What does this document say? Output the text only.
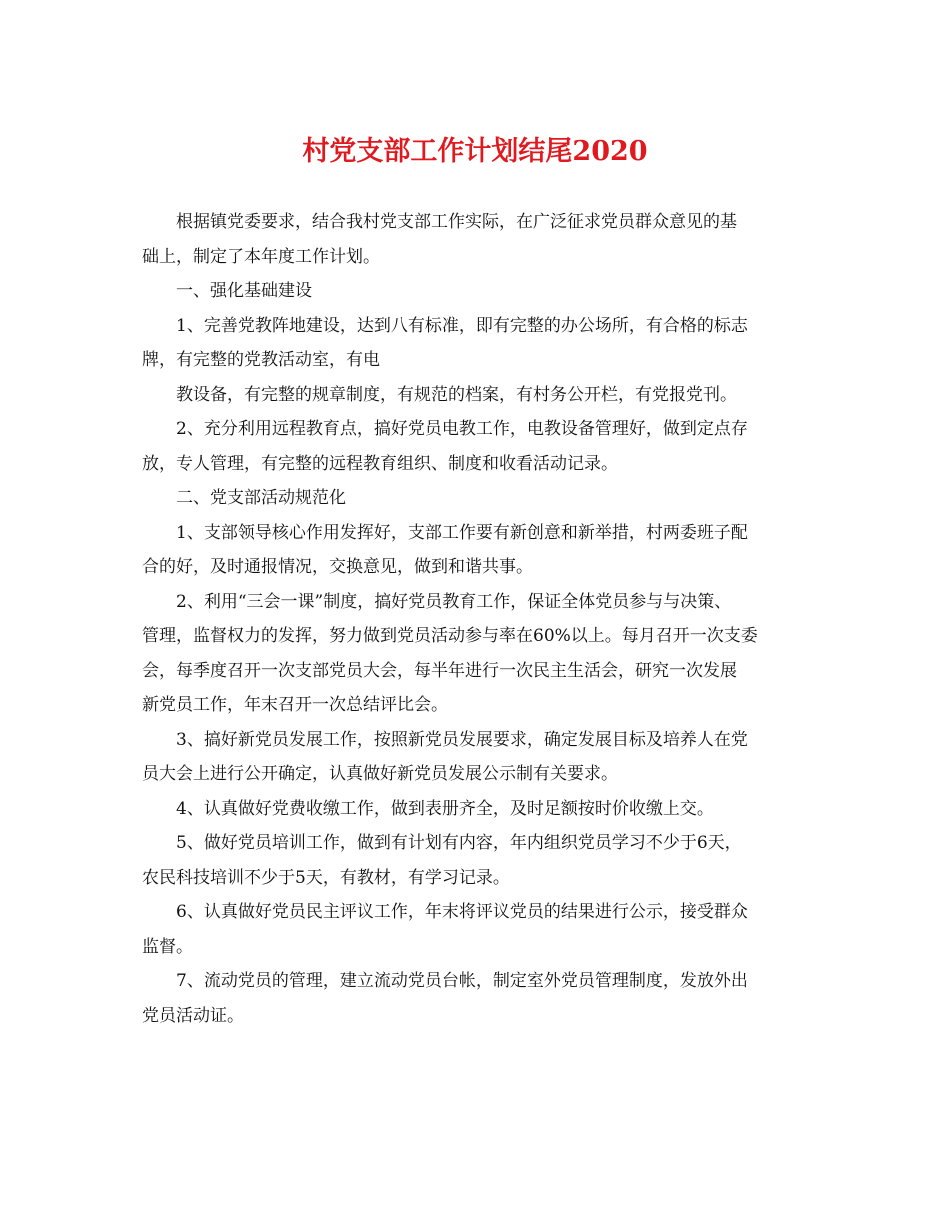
村党支部工作计划结尾2020

根据镇党委要求，结合我村党支部工作实际，在广泛征求党员群众意见的基
础上，制定了本年度工作计划。

一、强化基础建设

1、完善党教阵地建设，达到八有标准，即有完整的办公场所，有合格的标志
牌，有完整的党教活动室，有电

教设备，有完整的规章制度，有规范的档案，有村务公开栏，有党报党刊。

2、充分利用远程教育点，搞好党员电教工作，电教设备管理好，做到定点存
放，专人管理，有完整的远程教育组织、制度和收看活动记录。

二、党支部活动规范化

1、支部领导核心作用发挥好，支部工作要有新创意和新举措，村两委班子配
合的好，及时通报情况，交换意见，做到和谐共事。

2、利用“三会一课”制度，搞好党员教育工作，保证全体党员参与与决策、
管理，监督权力的发挥，努力做到党员活动参与率在60%以上。每月召开一次支委
会，每季度召开一次支部党员大会，每半年进行一次民主生活会，研究一次发展
新党员工作，年末召开一次总结评比会。

3、搞好新党员发展工作，按照新党员发展要求，确定发展目标及培养人在党
员大会上进行公开确定，认真做好新党员发展公示制有关要求。

4、认真做好党费收缴工作，做到表册齐全，及时足额按时价收缴上交。

5、做好党员培训工作，做到有计划有内容，年内组织党员学习不少于6天，
农民科技培训不少于5天，有教材，有学习记录。

6、认真做好党员民主评议工作，年末将评议党员的结果进行公示，接受群众
监督。

7、流动党员的管理，建立流动党员台帐，制定室外党员管理制度，发放外出
党员活动证。
